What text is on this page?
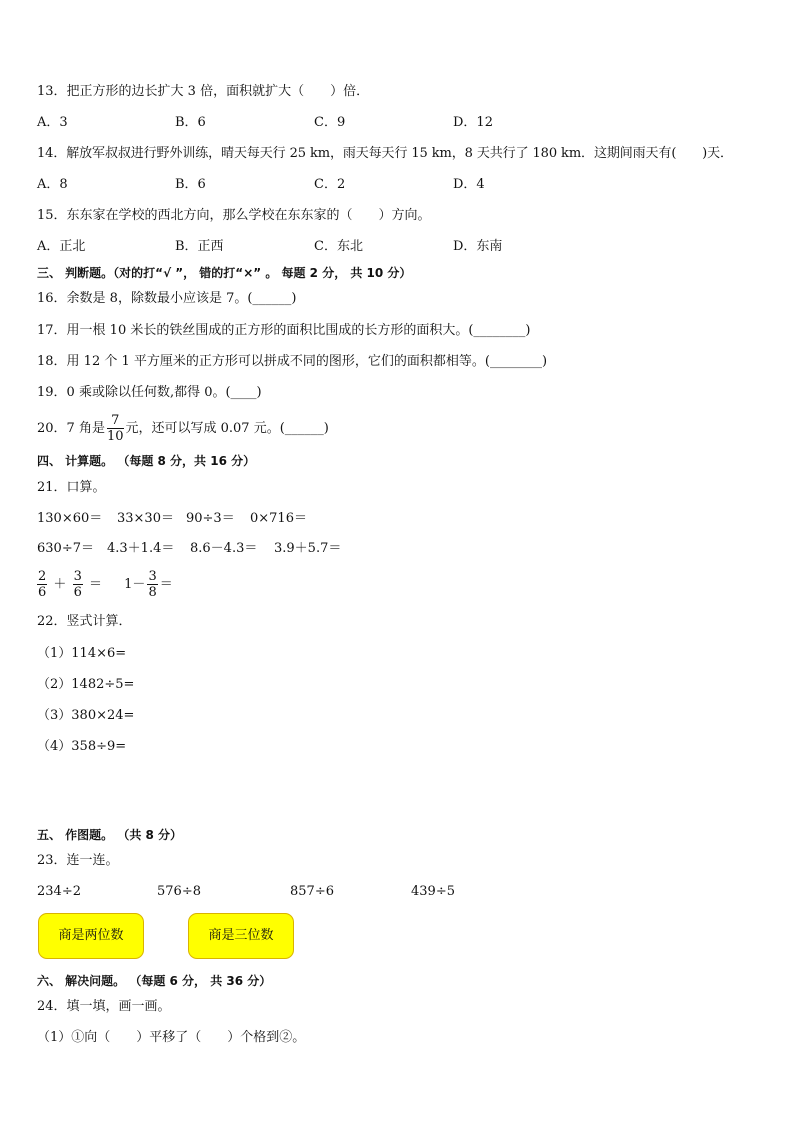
13．把正方形的边长扩大 3 倍，面积就扩大（　　）倍．
A．3	B．6	C．9	D．12
14．解放军叔叔进行野外训练，晴天每天行 25 km，雨天每天行 15 km，8 天共行了 180 km．这期间雨天有(　　)天．
A．8	B．6	C．2	D．4
15．东东家在学校的西北方向，那么学校在东东家的（　　）方向。
A．正北	B．正西	C．东北	D．东南
三、 判断题。（对的打“√ ”， 错的打“×” 。 每题 2 分， 共 10 分）
16．余数是 8，除数最小应该是 7。(______)
17．用一根 10 米长的铁丝围成的正方形的面积比围成的长方形的面积大。(________)
18．用 12 个 1 平方厘米的正方形可以拼成不同的图形，它们的面积都相等。(________)
19．0 乘或除以任何数,都得 0。(____)
20．7 角是 $\frac{7}{10}$ 元，还可以写成 0.07 元。(______)
四、 计算题。 （每题 8 分，共 16 分）
21．口算。
130×60＝ 33×30＝ 90÷3＝ 0×716＝
630÷7＝ 4.3＋1.4＝ 8.6－4.3＝ 3.9＋5.7＝
$\frac{2}{6} + \frac{3}{6} = 1- \frac{3}{8}$ ＝
22．竖式计算．
（1）114×6=
（2）1482÷5=
（3）380×24=
（4）358÷9=
五、 作图题。 （共 8 分）
23．连一连。
234÷2	576÷8	857÷6	439÷5
商是两位数	商是三位数
六、 解决问题。 （每题 6 分， 共 36 分）
24．填一填，画一画。
（1）①向（　　）平移了（　　）个格到②。
